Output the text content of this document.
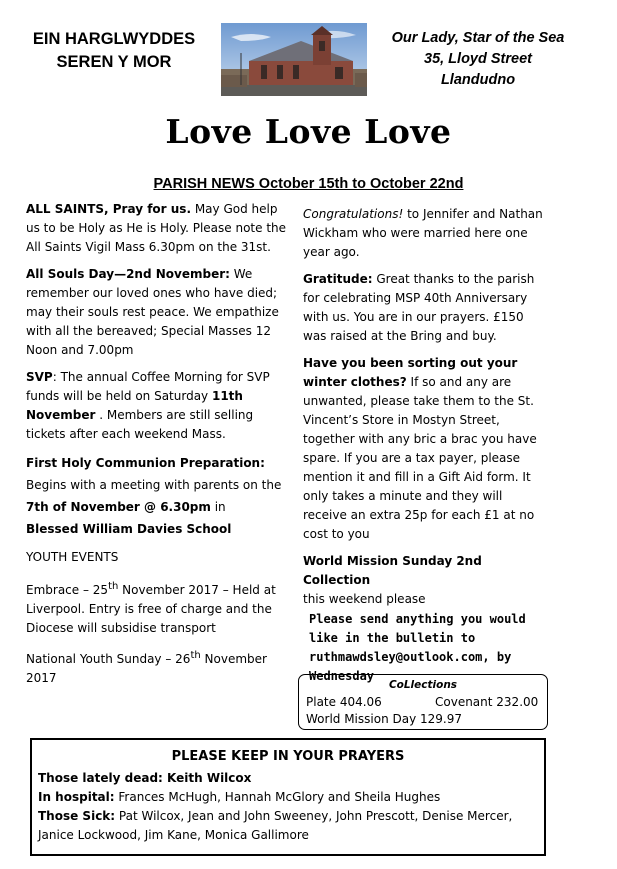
EIN HARGLWYDDES
SEREN Y MOR
Our Lady, Star of the Sea
35, Lloyd Street
Llandudno
Love Love Love
PARISH NEWS October 15th to October 22nd

ALL SAINTS, Pray for us. May God help us to be Holy as He is Holy. Please note the All Saints Vigil Mass 6.30pm on the 31st.

All Souls Day—2nd November: We remember our loved ones who have died; may their souls rest peace. We empathize with all the bereaved; Special Masses 12 Noon and 7.00pm

SVP: The annual Coffee Morning for SVP funds will be held on Saturday 11th November . Members are still selling tickets after each weekend Mass.

First Holy Communion Preparation:
Begins with a meeting with parents on the 7th of November @ 6.30pm in
Blessed William Davies School

YOUTH EVENTS

Embrace – 25th November 2017 – Held at Liverpool. Entry is free of charge and the Diocese will subsidise transport

National Youth Sunday – 26th November 2017

Congratulations! to Jennifer and Nathan Wickham who were married here one year ago.

Gratitude: Great thanks to the parish for celebrating MSP 40th Anniversary with us. You are in our prayers. £150 was raised at the Bring and buy.

Have you been sorting out your winter clothes? If so and any are unwanted, please take them to the St. Vincent’s Store in Mostyn Street, together with any bric a brac you have spare. If you are a tax payer, please mention it and fill in a Gift Aid form. It only takes a minute and they will receive an extra 25p for each £1 at no cost to you

World Mission Sunday 2nd Collection
this weekend please

Please send anything you would like in the bulletin to ruthmawdsley@outlook.com, by Wednesday
CoLlections
Plate 404.06	Covenant 232.00
World Mission Day 129.97
PLEASE KEEP IN YOUR PRAYERS

Those lately dead: Keith Wilcox

In hospital: Frances McHugh, Hannah McGlory and Sheila Hughes

Those Sick: Pat Wilcox, Jean and John Sweeney, John Prescott, Denise Mercer, Janice Lockwood, Jim Kane, Monica Gallimore
